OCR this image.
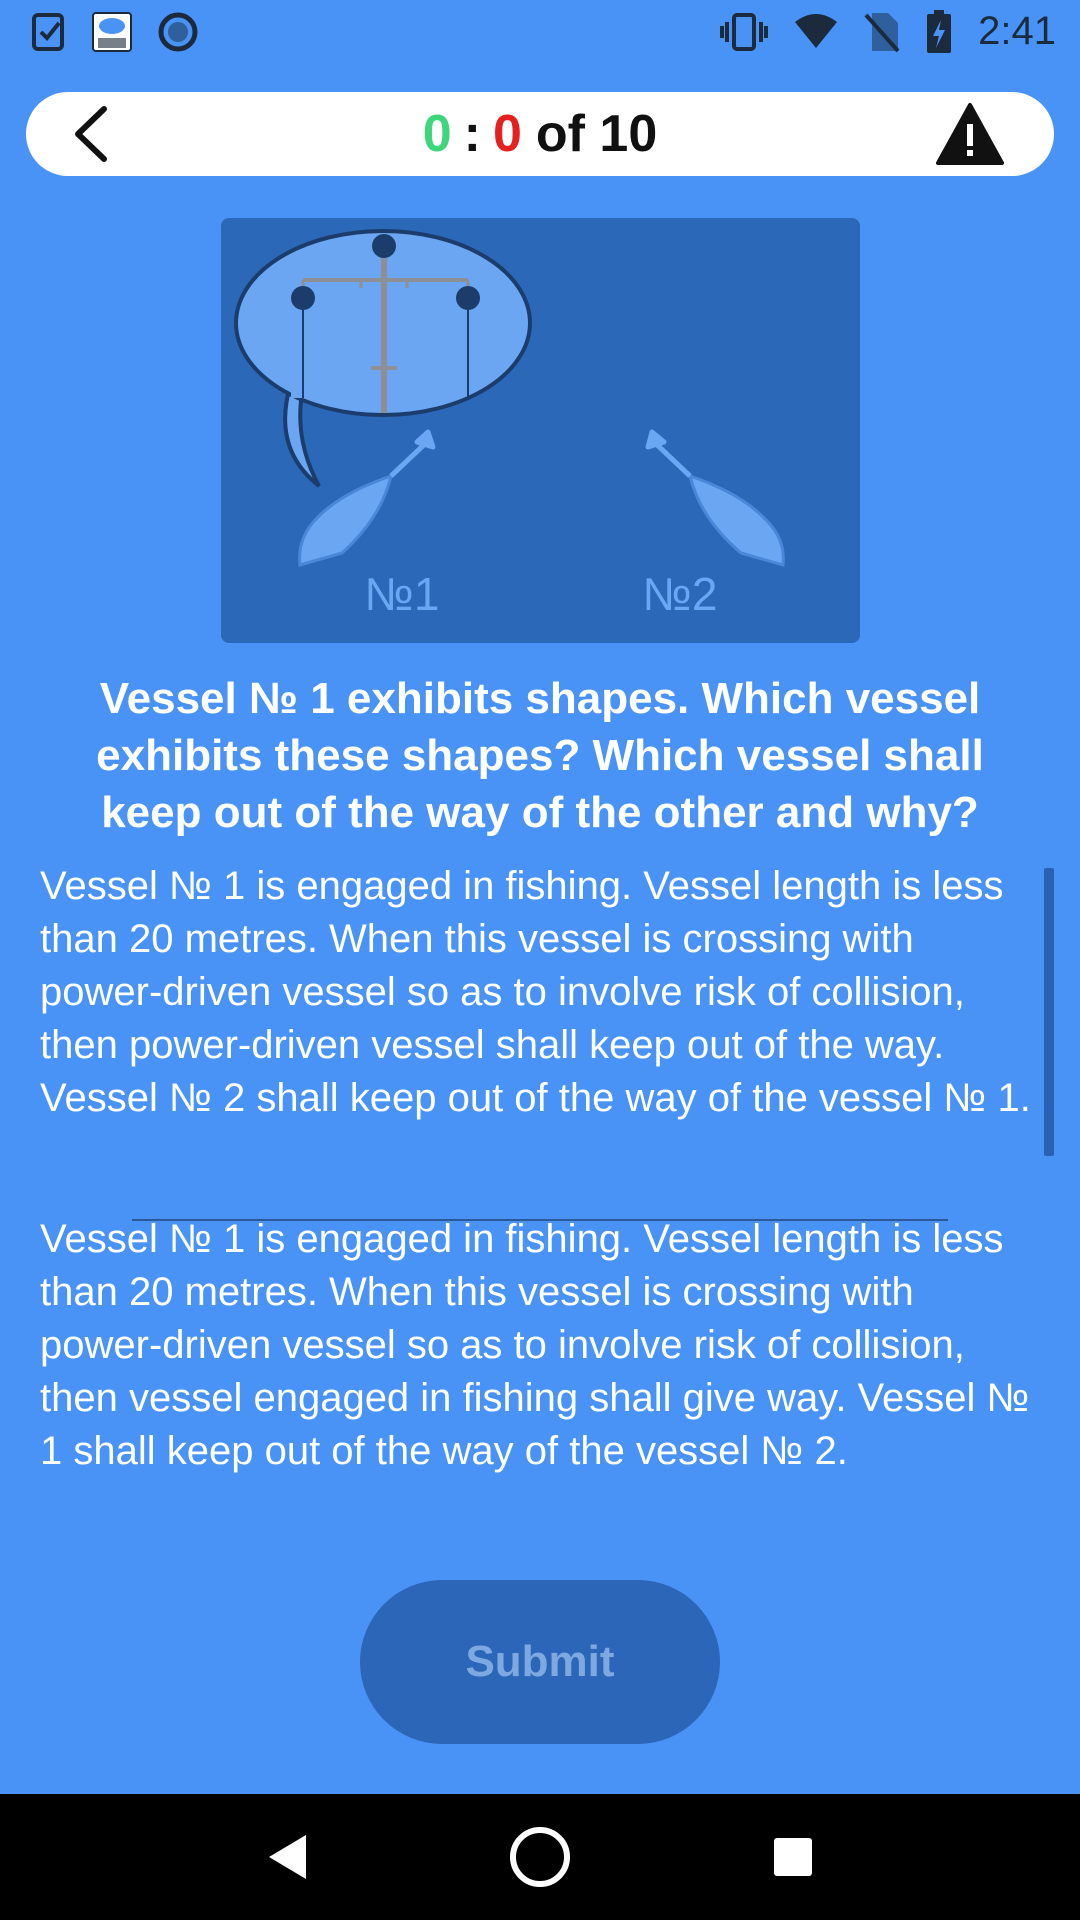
2:41
0 : 0 of 10
№1	№2
Vessel № 1 exhibits shapes. Which vessel exhibits these shapes? Which vessel shall keep out of the way of the other and why?
Vessel № 1 is engaged in fishing. Vessel length is less than 20 metres. When this vessel is crossing with power-driven vessel so as to involve risk of collision, then power-driven vessel shall keep out of the way. Vessel № 2 shall keep out of the way of the vessel № 1.
Vessel № 1 is engaged in fishing. Vessel length is less than 20 metres. When this vessel is crossing with power-driven vessel so as to involve risk of collision, then vessel engaged in fishing shall give way. Vessel № 1 shall keep out of the way of the vessel № 2.
Submit
